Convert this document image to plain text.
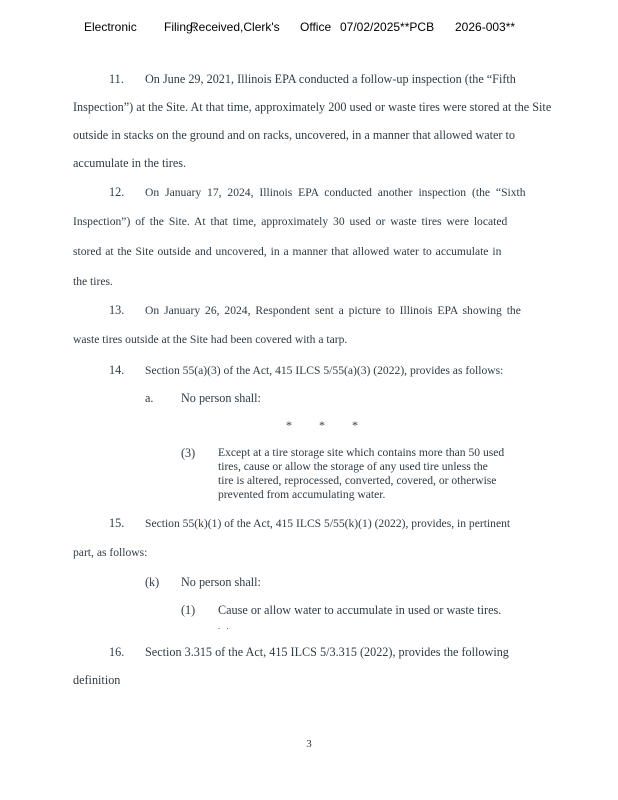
Electronic Filing:
Received,Clerk's Office 07/02/2025**PCB 2026-003**
11. On June 29, 2021, Illinois EPA conducted a follow-up inspection (the “Fifth
Inspection”) at the Site. At that time, approximately 200 used or waste tires were stored at the Site
outside in stacks on the ground and on racks, uncovered, in a manner that allowed water to
accumulate in the tires.
12. On January 17, 2024, Illinois EPA conducted another inspection (the “Sixth
Inspection”) of the Site. At that time, approximately 30 used or waste tires were located
stored at the Site outside and uncovered, in a manner that allowed water to accumulate in
the tires.
13. On January 26, 2024, Respondent sent a picture to Illinois EPA showing the
waste tires outside at the Site had been covered with a tarp.
14. Section 55(a)(3) of the Act, 415 ILCS 5/55(a)(3) (2022), provides as follows:
a. No person shall:
* * *
(3) Except at a tire storage site which contains more than 50 used
tires, cause or allow the storage of any used tire unless the
tire is altered, reprocessed, converted, covered, or otherwise
prevented from accumulating water.
15. Section 55(k)(1) of the Act, 415 ILCS 5/55(k)(1) (2022), provides, in pertinent
part, as follows:
(k) No person shall:
(1) Cause or allow water to accumulate in used or waste tires.
. .
16. Section 3.315 of the Act, 415 ILCS 5/3.315 (2022), provides the following
definition
3
